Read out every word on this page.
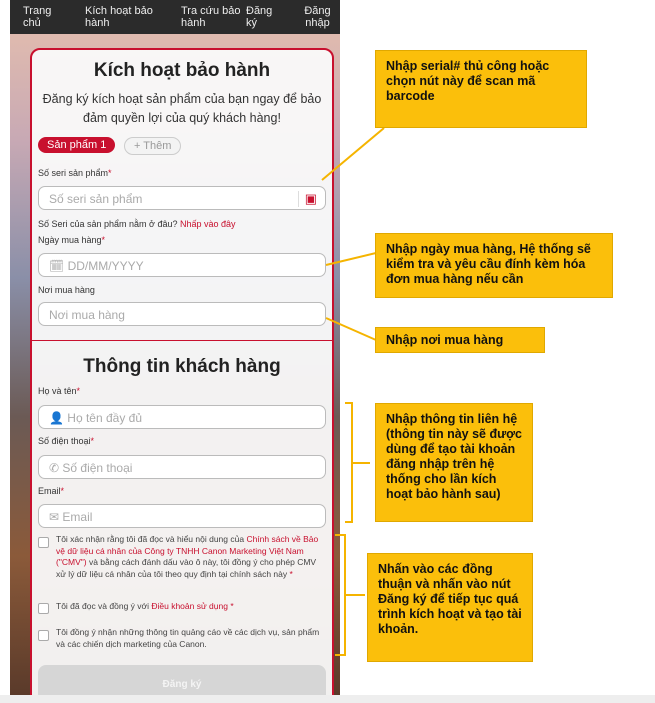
Trang chủ
Kích hoạt bảo hành
Tra cứu bảo hành
Đăng ký
Đăng nhập
Kích hoạt bảo hành
Đăng ký kích hoạt sản phẩm của bạn ngay để bảo đảm quyền lợi của quý khách hàng!
Sản phẩm 1	+ Thêm
Số seri sản phẩm*
Số seri sản phẩm	▣
Số Seri của sản phẩm nằm ở đâu? Nhấp vào đây
Ngày mua hàng*
🗓 DD/MM/YYYY
Nơi mua hàng
Nơi mua hàng
Thông tin khách hàng
Họ và tên*
👤 Họ tên đầy đủ
Số điện thoại*
✆ Số điện thoại
Email*
✉ Email
Tôi xác nhận rằng tôi đã đọc và hiểu nội dung của Chính sách về Bảo vệ dữ liệu cá nhân của Công ty TNHH Canon Marketing Việt Nam ("CMV") và bằng cách đánh dấu vào ô này, tôi đồng ý cho phép CMV xử lý dữ liệu cá nhân của tôi theo quy định tại chính sách này *
Tôi đã đọc và đồng ý với Điều khoản sử dụng *
Tôi đồng ý nhận những thông tin quảng cáo về các dịch vụ, sản phẩm và các chiến dịch marketing của Canon.
Đăng ký
Nhập serial# thủ công hoặc chọn nút này để scan mã barcode
Nhập ngày mua hàng, Hệ thống sẽ kiểm tra và yêu cầu đính kèm hóa đơn mua hàng nếu cần
Nhập nơi mua hàng
Nhập thông tin liên hệ (thông tin này sẽ được dùng để tạo tài khoản đăng nhập trên hệ thống cho lần kích hoạt bảo hành sau)
Nhấn vào các đồng thuận và nhấn vào nút Đăng ký để tiếp tục quá trình kích hoạt và tạo tài khoản.
